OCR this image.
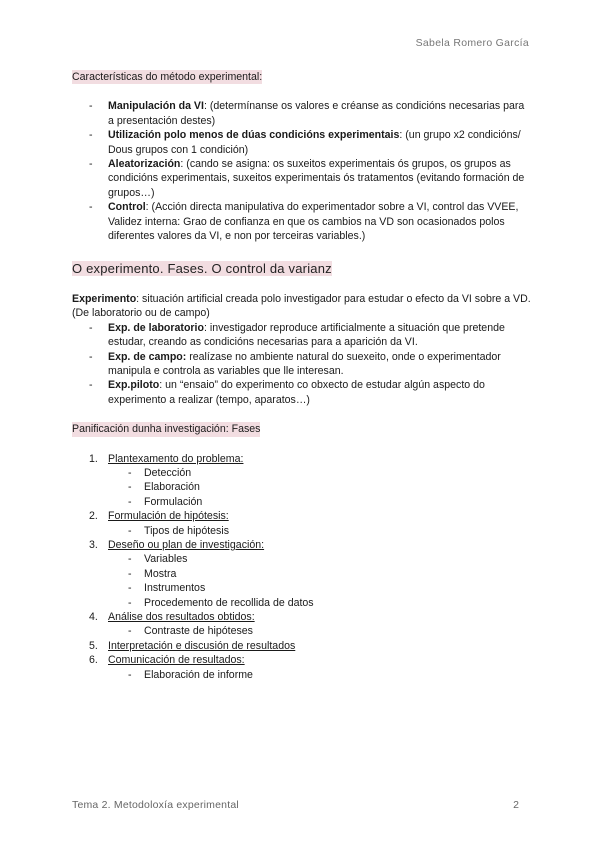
Sabela Romero García
Características do método experimental:
- Manipulación da VI: (determínanse os valores e créanse as condicións necesarias para a presentación destes)
- Utilización polo menos de dúas condicións experimentais: (un grupo x2 condicións/ Dous grupos con 1 condición)
- Aleatorización: (cando se asigna: os suxeitos experimentais ós grupos, os grupos as condicións experimentais, suxeitos experimentais ós tratamentos (evitando formación de grupos…)
- Control: (Acción directa manipulativa do experimentador sobre a VI, control das VVEE, Validez interna: Grao de confianza en que os cambios na VD son ocasionados polos diferentes valores da VI, e non por terceiras variables.)
O experimento. Fases. O control da varianz
Experimento: situación artificial creada polo investigador para estudar o efecto da VI sobre a VD. (De laboratorio ou de campo)
- Exp. de laboratorio: investigador reproduce artificialmente a situación que pretende estudar, creando as condicións necesarias para a aparición da VI.
- Exp. de campo: realízase no ambiente natural do suexeito, onde o experimentador manipula e controla as variables que lle interesan.
- Exp.piloto: un “ensaio” do experimento co obxecto de estudar algún aspecto do experimento a realizar (tempo, aparatos…)
Panificación dunha investigación: Fases
1. Plantexamento do problema:
- Detección
- Elaboración
- Formulación
2. Formulación de hipótesis:
- Tipos de hipótesis
3. Deseño ou plan de investigación:
- Variables
- Mostra
- Instrumentos
- Procedemento de recollida de datos
4. Análise dos resultados obtidos:
- Contraste de hipóteses
5. Interpretación e discusión de resultados
6. Comunicación de resultados:
- Elaboración de informe
Tema 2. Metodoloxía experimental	2
